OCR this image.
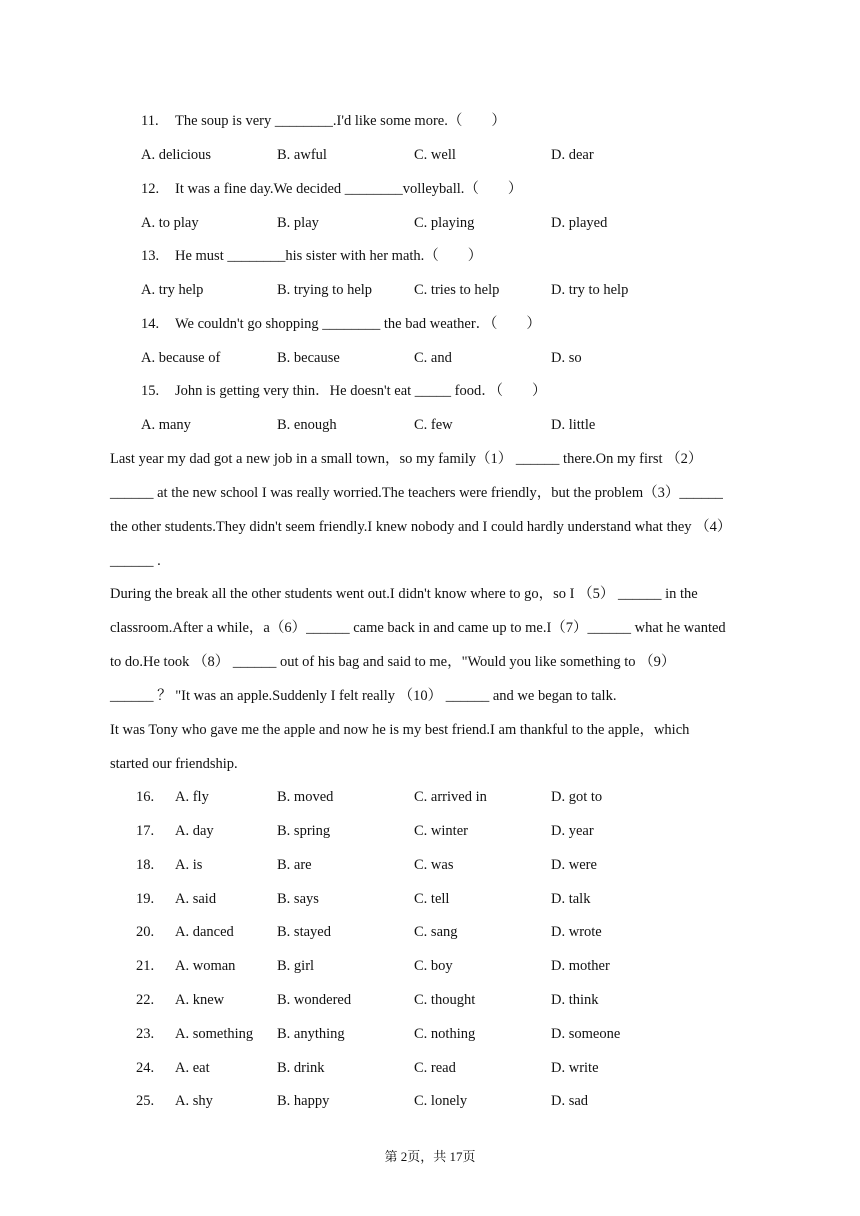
11. The soup is very ________.I'd like some more.（　　）
A. delicious	B. awful	C. well	D. dear
12. It was a fine day.We decided ________volleyball.（　　）
A. to play	B. play	C. playing	D. played
13. He must ________his sister with her math.（　　）
A. try help	B. trying to help	C. tries to help	D. try to help
14. We couldn't go shopping ________ the bad weather．（　　）
A. because of	B. because	C. and	D. so
15. John is getting very thin．He doesn't eat _____ food．（　　）
A. many	B. enough	C. few	D. little
Last year my dad got a new job in a small town，so my family（1） ______ there.On my first （2）
______ at the new school I was really worried.The teachers were friendly，but the problem（3）______
the other students.They didn't seem friendly.I knew nobody and I could hardly understand what they （4）
______ .
During the break all the other students went out.I didn't know where to go，so I （5） ______ in the
classroom.After a while，a（6）______ came back in and came up to me.I（7）______ what he wanted
to do.He took （8） ______ out of his bag and said to me，"Would you like something to （9）
______ ？ "It was an apple.Suddenly I felt really （10） ______ and we began to talk.
It was Tony who gave me the apple and now he is my best friend.I am thankful to the apple，which
started our friendship.
16. A. fly	B. moved	C. arrived in	D. got to
17. A. day	B. spring	C. winter	D. year
18. A. is	B. are	C. was	D. were
19. A. said	B. says	C. tell	D. talk
20. A. danced	B. stayed	C. sang	D. wrote
21. A. woman	B. girl	C. boy	D. mother
22. A. knew	B. wondered	C. thought	D. think
23. A. something B. anything	C. nothing	D. someone
24. A. eat	B. drink	C. read	D. write
25. A. shy	B. happy	C. lonely	D. sad
第 2页，共 17页
